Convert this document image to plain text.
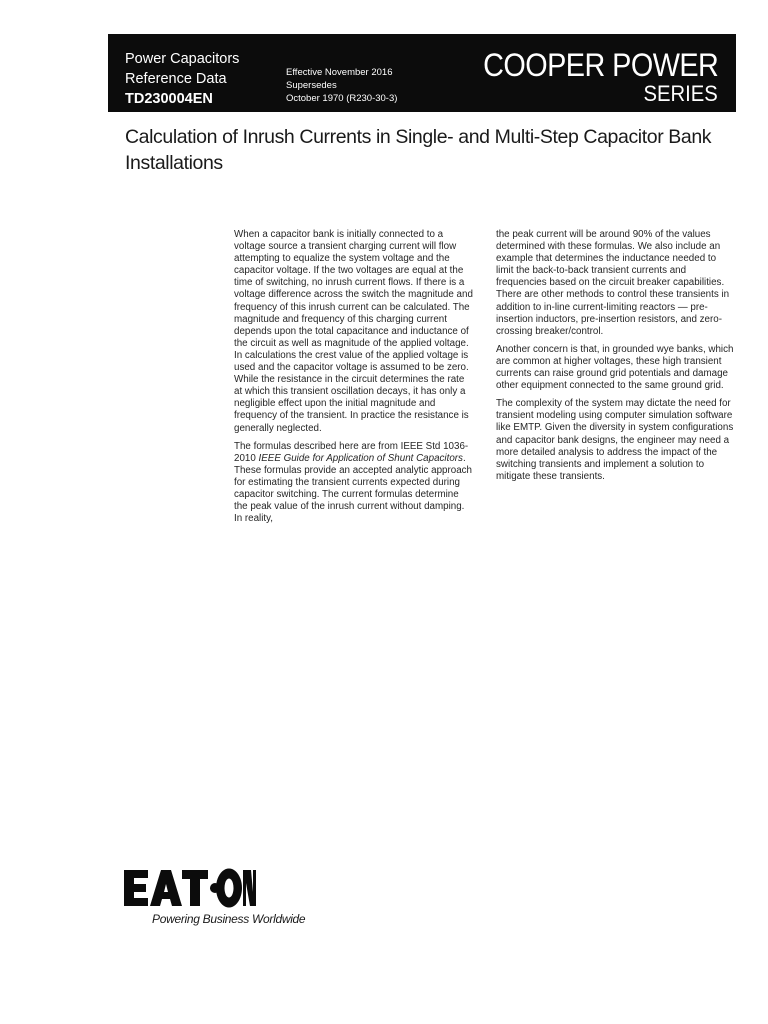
Power Capacitors
Reference Data
TD230004EN
Effective November 2016
Supersedes
October 1970 (R230-30-3)
COOPER POWER
SERIES
Calculation of Inrush Currents in Single- and Multi-Step Capacitor Bank Installations

When a capacitor bank is initially connected to a voltage source a transient charging current will flow attempting to equalize the system voltage and the capacitor voltage. If the two voltages are equal at the time of switching, no inrush current flows. If there is a voltage difference across the switch the magnitude and frequency of this inrush current can be calculated. The magnitude and frequency of this charging current depends upon the total capacitance and inductance of the circuit as well as magnitude of the applied voltage. In calculations the crest value of the applied voltage is used and the capacitor voltage is assumed to be zero. While the resistance in the circuit determines the rate at which this transient oscillation decays, it has only a negligible effect upon the initial magnitude and frequency of the transient. In practice the resistance is generally neglected.

The formulas described here are from IEEE Std 1036-2010 IEEE Guide for Application of Shunt Capacitors. These formulas provide an accepted analytic approach for estimating the transient currents expected during capacitor switching. The current formulas determine the peak value of the inrush current without damping. In reality,

the peak current will be around 90% of the values determined with these formulas. We also include an example that determines the inductance needed to limit the back-to-back transient currents and frequencies based on the circuit breaker capabilities. There are other methods to control these transients in addition to in-line current-limiting reactors — pre-insertion inductors, pre-insertion resistors, and zero-crossing breaker/control.

Another concern is that, in grounded wye banks, which are common at higher voltages, these high transient currents can raise ground grid potentials and damage other equipment connected to the same ground grid.

The complexity of the system may dictate the need for transient modeling using computer simulation software like EMTP. Given the diversity in system configurations and capacitor bank designs, the engineer may need a more detailed analysis to address the impact of the switching transients and implement a solution to mitigate these transients.

Powering Business Worldwide
